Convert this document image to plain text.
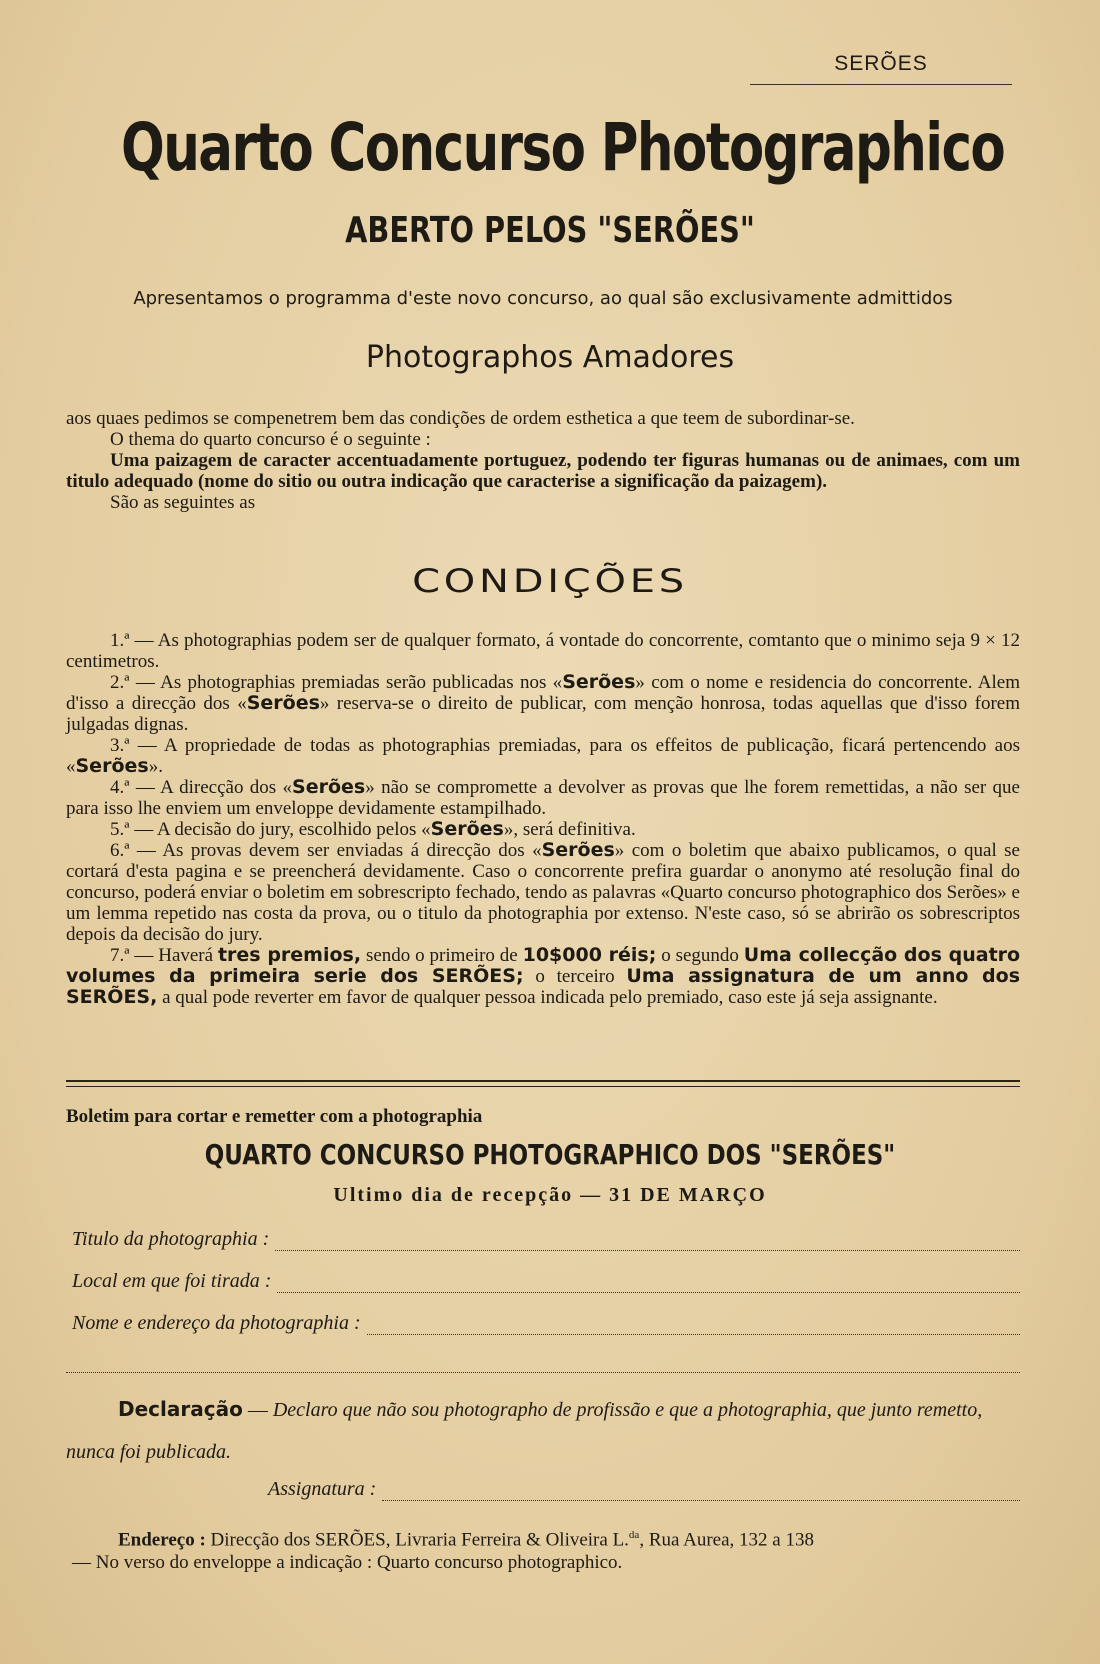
SERÕES
Quarto Concurso Photographico
ABERTO PELOS "SERÕES"
Apresentamos o programma d'este novo concurso, ao qual são exclusivamente admittidos
Photographos Amadores

aos quaes pedimos se compenetrem bem das condições de ordem esthetica a que teem de subordinar-se.

O thema do quarto concurso é o seguinte :

Uma paizagem de caracter accentuadamente portuguez, podendo ter figuras humanas ou de animaes, com um titulo adequado (nome do sitio ou outra indicação que caracterise a significação da paizagem).

São as seguintes as

CONDIÇÕES

1.ª — As photographias podem ser de qualquer formato, á vontade do concorrente, comtanto que o minimo seja 9 × 12 centimetros.

2.ª — As photographias premiadas serão publicadas nos «Serões» com o nome e residencia do concorrente. Alem d'isso a direcção dos «Serões» reserva-se o direito de publicar, com menção honrosa, todas aquellas que d'isso forem julgadas dignas.

3.ª — A propriedade de todas as photographias premiadas, para os effeitos de publicação, ficará pertencendo aos «Serões».

4.ª — A direcção dos «Serões» não se compromette a devolver as provas que lhe forem remettidas, a não ser que para isso lhe enviem um enveloppe devidamente estampilhado.

5.ª — A decisão do jury, escolhido pelos «Serões», será definitiva.

6.ª — As provas devem ser enviadas á direcção dos «Serões» com o boletim que abaixo publicamos, o qual se cortará d'esta pagina e se preencherá devidamente. Caso o concorrente prefira guardar o anonymo até resolução final do concurso, poderá enviar o boletim em sobrescripto fechado, tendo as palavras «Quarto concurso photographico dos Serões» e um lemma repetido nas costa da prova, ou o titulo da photographia por extenso. N'este caso, só se abrirão os sobrescriptos depois da decisão do jury.

7.ª — Haverá tres premios, sendo o primeiro de 10$000 réis; o segundo Uma collecção dos quatro volumes da primeira serie dos SERÕES; o terceiro Uma assignatura de um anno dos SERÕES, a qual pode reverter em favor de qualquer pessoa indicada pelo premiado, caso este já seja assignante.

Boletim para cortar e remetter com a photographia
QUARTO CONCURSO PHOTOGRAPHICO DOS "SERÕES"
Ultimo dia de recepção — 31 DE MARÇO
Titulo da photographia :
Local em que foi tirada :
Nome e endereço da photographia :
Declaração — Declaro que não sou photographo de profissão e que a photographia, que junto remetto, nunca foi publicada.
Assignatura :
Endereço : Direcção dos SERÕES, Livraria Ferreira & Oliveira L.$^{da}$, Rua Aurea, 132 a 138
— No verso do enveloppe a indicação : Quarto concurso photographico.
